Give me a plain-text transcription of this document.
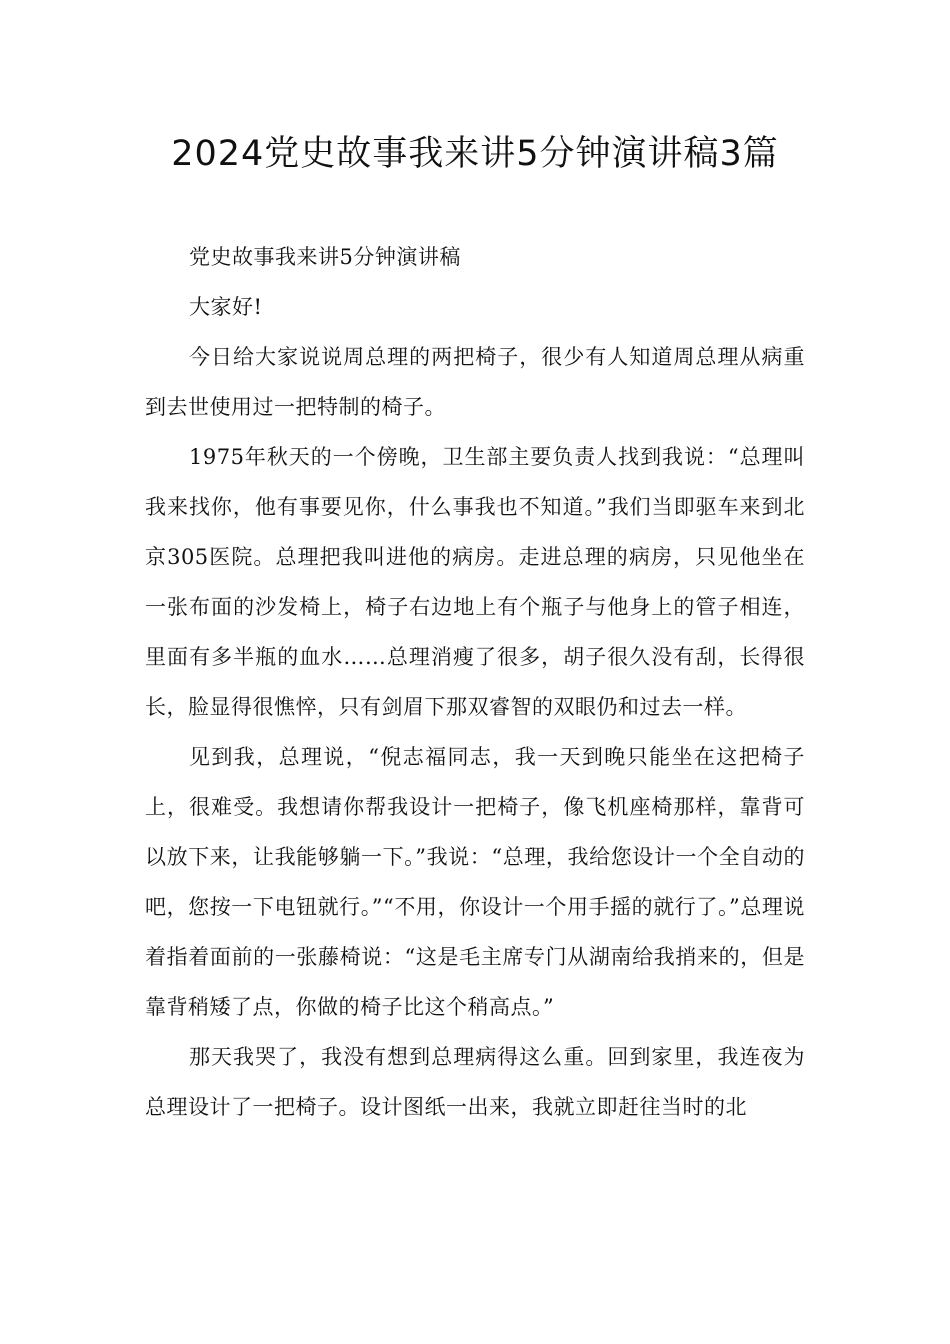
2024党史故事我来讲5分钟演讲稿3篇

党史故事我来讲5分钟演讲稿

大家好!

今日给大家说说周总理的两把椅子，很少有人知道周总理从病重到去世使用过一把特制的椅子。

1975年秋天的一个傍晚，卫生部主要负责人找到我说：“总理叫我来找你，他有事要见你，什么事我也不知道。”我们当即驱车来到北京305医院。总理把我叫进他的病房。走进总理的病房，只见他坐在一张布面的沙发椅上，椅子右边地上有个瓶子与他身上的管子相连，里面有多半瓶的血水……总理消瘦了很多，胡子很久没有刮，长得很长，脸显得很憔悴，只有剑眉下那双睿智的双眼仍和过去一样。

见到我，总理说，“倪志福同志，我一天到晚只能坐在这把椅子上，很难受。我想请你帮我设计一把椅子，像飞机座椅那样，靠背可以放下来，让我能够躺一下。”我说：“总理，我给您设计一个全自动的吧，您按一下电钮就行。”“不用，你设计一个用手摇的就行了。”总理说着指着面前的一张藤椅说：“这是毛主席专门从湖南给我捎来的，但是靠背稍矮了点，你做的椅子比这个稍高点。”

那天我哭了，我没有想到总理病得这么重。回到家里，我连夜为总理设计了一把椅子。设计图纸一出来，我就立即赶往当时的北
